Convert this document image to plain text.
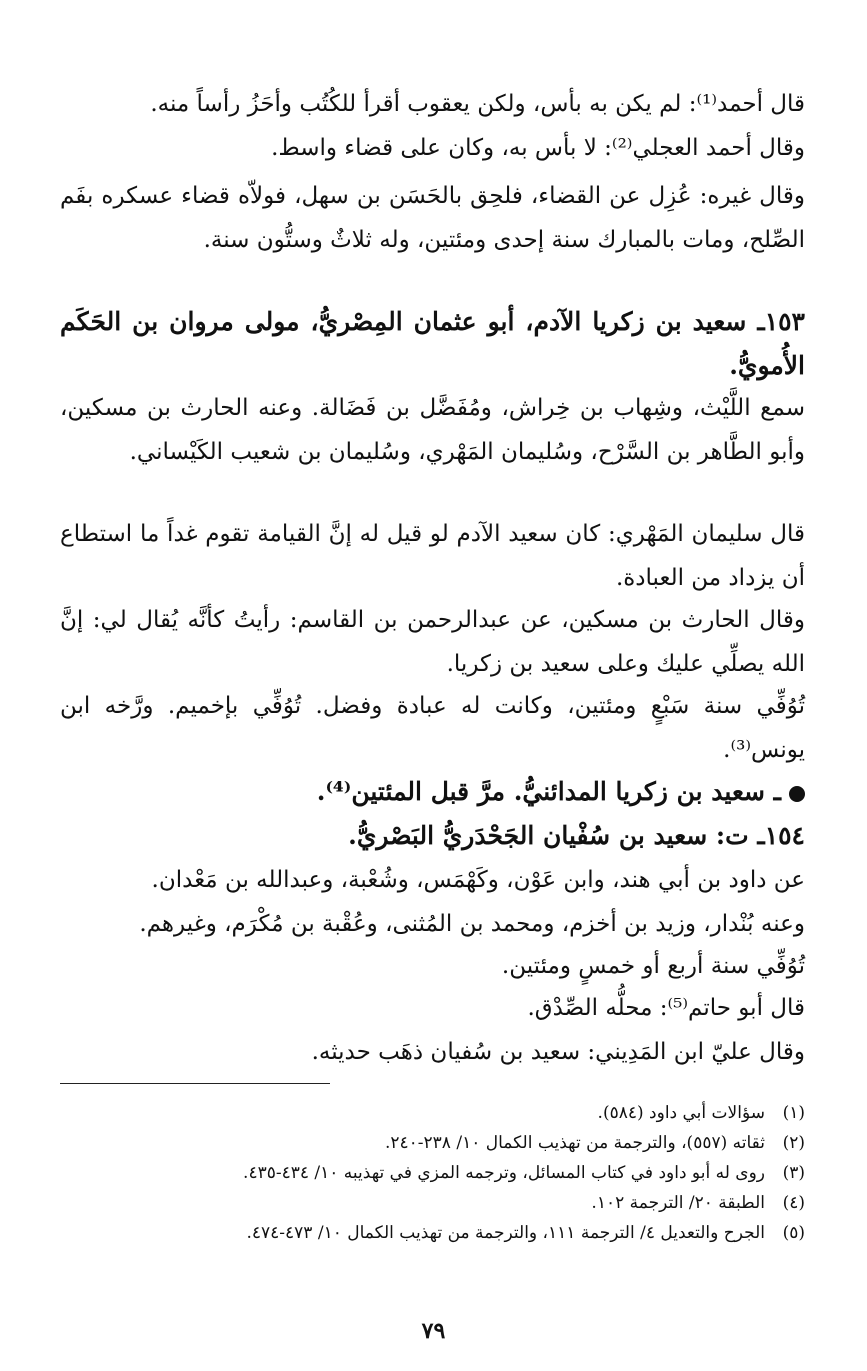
قال أحمد⁽¹⁾: لم يكن به بأس، ولكن يعقوب أقرأ للكُتُب وأحَزُ رأساً منه.
وقال أحمد العجلي⁽²⁾: لا بأس به، وكان على قضاء واسط.
وقال غيره: عُزِل عن القضاء، فلحِق بالحَسَن بن سهل، فولاّه قضاء عسكره بفَم الصِّلح، ومات بالمبارك سنة إحدى ومئتين، وله ثلاثٌ وستُّون سنة.
١٥٣ـ سعيد بن زكريا الآدم، أبو عثمان المِصْريُّ، مولى مروان بن الحَكَم الأُمويُّ.
سمع اللَّيْث، وشِهاب بن خِراش، ومُفَضَّل بن فَضَالة. وعنه الحارث بن مسكين، وأبو الطَّاهر بن السَّرْح، وسُليمان المَهْري، وسُليمان بن شعيب الكَيْساني.
قال سليمان المَهْري: كان سعيد الآدم لو قيل له إنَّ القيامة تقوم غداً ما استطاع أن يزداد من العبادة.
وقال الحارث بن مسكين، عن عبدالرحمن بن القاسم: رأيتُ كأنَّه يُقال لي: إنَّ الله يصلِّي عليك وعلى سعيد بن زكريا.
تُوُفِّي سنة سَبْعٍ ومئتين، وكانت له عبادة وفضل. تُوُفِّي بإخميم. ورَّخه ابن يونس⁽³⁾.
ـ سعيد بن زكريا المدائنيُّ. مرَّ قبل المئتين⁽⁴⁾.
١٥٤ـ ت: سعيد بن سُفْيان الجَحْدَريُّ البَصْريُّ.
عن داود بن أبي هند، وابن عَوْن، وكَهْمَس، وشُعْبة، وعبدالله بن مَعْدان.
وعنه بُنْدار، وزيد بن أخزم، ومحمد بن المُثنى، وعُقْبة بن مُكْرَم، وغيرهم.
تُوُفِّي سنة أربع أو خمسٍ ومئتين.
قال أبو حاتم⁽⁵⁾: محلُّه الصِّدْق.
وقال عليّ ابن المَدِيني: سعيد بن سُفيان ذهَب حديثه.
(١)
سؤالات أبي داود (٥٨٤).
(٢)
ثقاته (٥٥٧)، والترجمة من تهذيب الكمال ١٠/ ٢٣٨-٢٤٠.
(٣)
روى له أبو داود في كتاب المسائل، وترجمه المزي في تهذيبه ١٠/ ٤٣٤-٤٣٥.
(٤)
الطبقة ٢٠/ الترجمة ١٠٢.
(٥)
الجرح والتعديل ٤/ الترجمة ١١١، والترجمة من تهذيب الكمال ١٠/ ٤٧٣-٤٧٤.
٧٩
